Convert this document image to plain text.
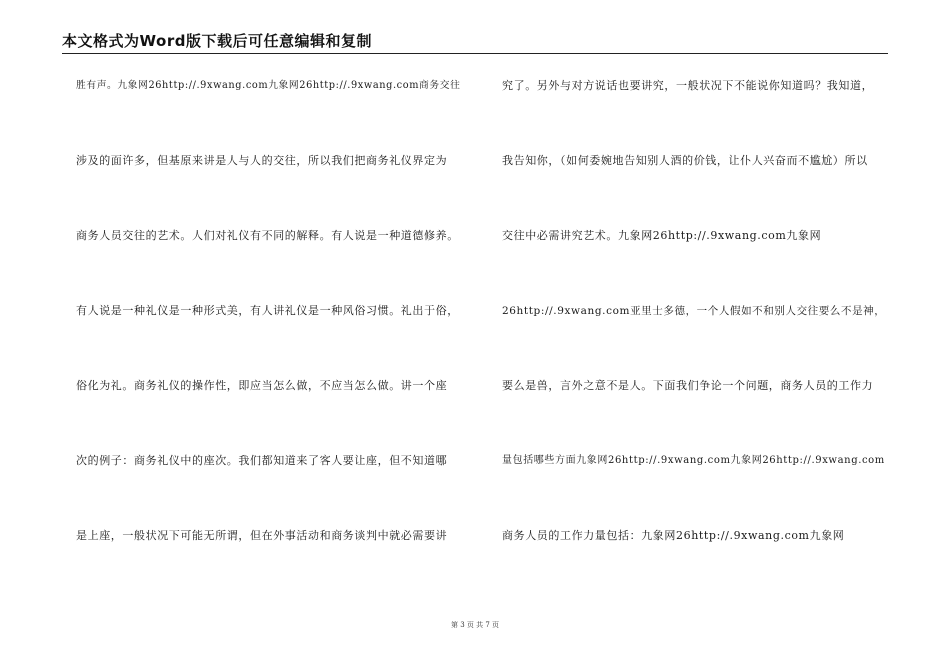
本文格式为Word版下载后可任意编辑和复制
胜有声。九象网26http://.9xwang.com九象网26http://.9xwang.com商务交往
涉及的面许多，但基原来讲是人与人的交往，所以我们把商务礼仪界定为
商务人员交往的艺术。人们对礼仪有不同的解释。有人说是一种道德修养。
有人说是一种礼仪是一种形式美，有人讲礼仪是一种风俗习惯。礼出于俗，
俗化为礼。商务礼仪的操作性，即应当怎么做，不应当怎么做。讲一个座
次的例子：商务礼仪中的座次。我们都知道来了客人要让座，但不知道哪
是上座，一般状况下可能无所谓，但在外事活动和商务谈判中就必需要讲
究了。另外与对方说话也要讲究，一般状况下不能说你知道吗？我知道，
我告知你，（如何委婉地告知别人酒的价钱，让仆人兴奋而不尴尬）所以
交往中必需讲究艺术。九象网26http://.9xwang.com九象网
26http://.9xwang.com亚里士多德，一个人假如不和别人交往要么不是神，
要么是兽，言外之意不是人。下面我们争论一个问题，商务人员的工作力
量包括哪些方面九象网26http://.9xwang.com九象网26http://.9xwang.com
商务人员的工作力量包括：九象网26http://.9xwang.com九象网
第 3 页 共 7 页
